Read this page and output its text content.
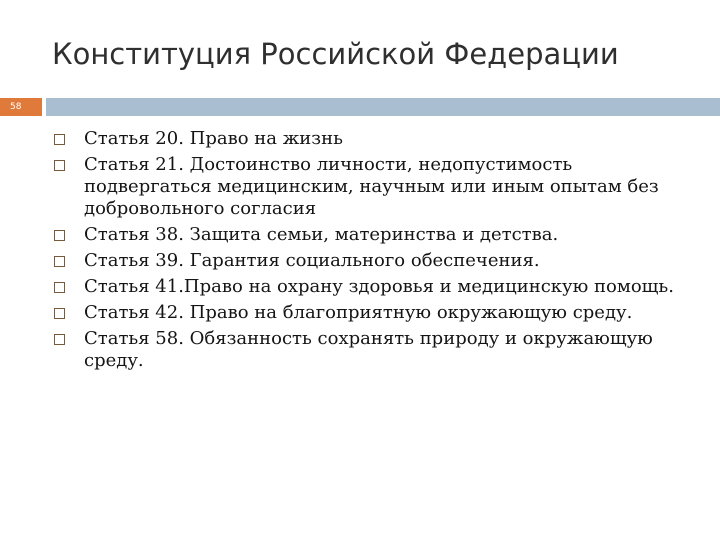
Конституция Российской Федерации
58
Статья 20. Право на жизнь
Статья 21. Достоинство личности, недопустимость подвергаться медицинским, научным или иным опытам без добровольного согласия
Статья 38. Защита семьи, материнства и детства.
Статья 39. Гарантия социального обеспечения.
Статья 41.Право на охрану здоровья и медицинскую помощь.
Статья 42. Право на благоприятную окружающую среду.
Статья 58. Обязанность сохранять природу и окружающую среду.
